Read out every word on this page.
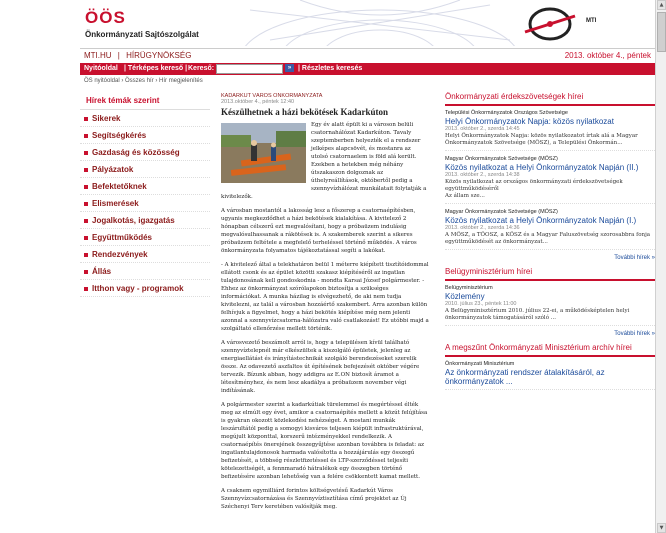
ÖÖS
Önkormányzati Sajtószolgálat
MTI
MTI.HU | HÍRÜGYNÖKSÉG	2013. október 4., péntek
Nyitóoldal | Térképes kereső | Kereső:	» | Részletes keresés
ÖS nyitóoldal › Összes hír › Hír megjelenítés
Hírek témák szerint
Sikerek
Segítségkérés
Gazdaság és közösség
Pályázatok
Befektetőknek
Elismerések
Jogalkotás, igazgatás
Együttműködés
Rendezvények
Állás
Itthon vagy - programok
KADARKÚT VÁROS ÖNKORMÁNYZATA
2013.október 4., péntek 12:40
Készülhetnek a házi bekötések Kadarkúton

Egy év alatt épült ki a városon belüli csatornahálózat Kadarkúton. Tavaly szeptemberben helyezték el a rendszer jelképes alapcsövét, és mostanra az utolsó csatornaelem is föld alá került. Ezekben a hetekben még néhány útszakaszon dolgoznak az úthelyreállítások, októbertől pedig a szennyvízhálózat munkálatait folytatják a kivitelezők.

A városban mostantól a lakosság lesz a főszerep a csatornaépítésben, ugyanis megkezdődhet a házi bekötések kialakítása. A kivitelező 2 hónapban célszerű ezt megvalósítani, hogy a próbaüzem indulásig megvalósulhassanak a rákötések is. A szakemberek szerint a sikeres próbaüzem feltétele a megfelelő terheléssel történő működés. A város önkormányzata folyamatos tájékoztatással segíti a lakókat.

- A kivitelező által a telekhatáron belül 1 méterre kiépített tisztítóidommal ellátott csonk és az épület közötti szakasz kiépítéséről az ingatlan tulajdonosának kell gondoskodnia - mondta Karsai József polgármester. - Ehhez az önkormányzat szórólapokon biztosítja a szükséges információkat. A munka házilag is elvégezhető, de aki nem tudja kivitelezni, az talál a városban hozzáértő szakembert. Arra azonban külön felhívjuk a figyelmet, hogy a házi bekötés kiépítése még nem jelenti azonnal a szennyvízcsatorna-hálózatra való csatlakozást! Ez utóbbi majd a szolgáltató ellenőrzése mellett történik.

A városvezető beszámolt arról is, hogy a településen kívül található szennyvíztelepnél már elkészültek a kiszolgáló épületek, jelenleg az energiaellátást és irányítástechnikát szolgáló berendezéseket szerelik össze. Az odavezető aszfaltos út építésének befejezését október végére tervezik. Bízunk abban, hogy addigra az E.ON biztosít áramot a létesítményhez, és nem lesz akadálya a próbaüzem november végi indításának.

A polgármester szerint a kadarkútiak türelemmel és megértéssel élték meg az elmúlt egy évet, amikor a csatornaépítés mellett a közút felújítása is gyakran okozott közlekedési nehézséget. A mostani munkák leszárultától pedig a somogyi kisváros teljesen kiépült infrastruktúrával, megújult központtal, korszerű intézményekkel rendelkezik. A csatornaépítés önerejének összegyűjtése azonban továbbra is feladat: az ingatlantulajdonosok harmada valósította a hozzájárulás egy összegű befizetését, a többség részletfizetéssel és LTP-szerződéssel teljesíti kötelezettségét, a fennmaradó hátralékok egy összegben történő befizetésére azonban lehetőség van a felére csökkentett kamat mellett.

A csaknem egymilliárd forintos költségvetésű Kadarkút Város Szennyvízcsatornázása és Szennyvíztisztítása című projektet az Új Széchenyi Terv keretében valósítják meg.

Önkormányzati érdekszövetségek hírei
Települési Önkormányzatok Országos Szövetsége
Helyi Önkormányzatok Napja: közös nyilatkozat
2013. október 2., szerda 14:45
Helyi Önkormányzatok Napja: közös nyilatkozatot írtak alá a Magyar Önkormányzatok Szövetsége (MÖSZ), a Települési Önkormán...
Magyar Önkormányzatok Szövetsége (MÖSZ)
Közös nyilatkozat a Helyi Önkormányzatok Napján (II.)
2013. október 2., szerda 14:38
Közös nyilatkozat az országos önkormányzati érdekszövetségek együttműködéséről
Az állam sze...
Magyar Önkormányzatok Szövetsége (MÖSZ)
Közös nyilatkozat a Helyi Önkormányzatok Napján (I.)
2013. október 2., szerda 14:36
A MÖSZ, a TÖOSZ, a KÖSZ és a Magyar Faluszövetség szorosabbra fonja együttműködését az önkormányzat...
További hírek »
Belügyminisztérium hírei
Belügyminisztérium
Közlemény
2010. július 23., péntek 11:00
A Belügyminisztérium 2010. július 22-ei, a működésképtelen helyi önkormányzatok támogatásáról szóló ...
További hírek »
A megszűnt Önkormányzati Minisztérium archív hírei
Önkormányzati Minisztérium
Az önkormányzati rendszer átalakításáról, az önkormányzatok ...
▲
▼
